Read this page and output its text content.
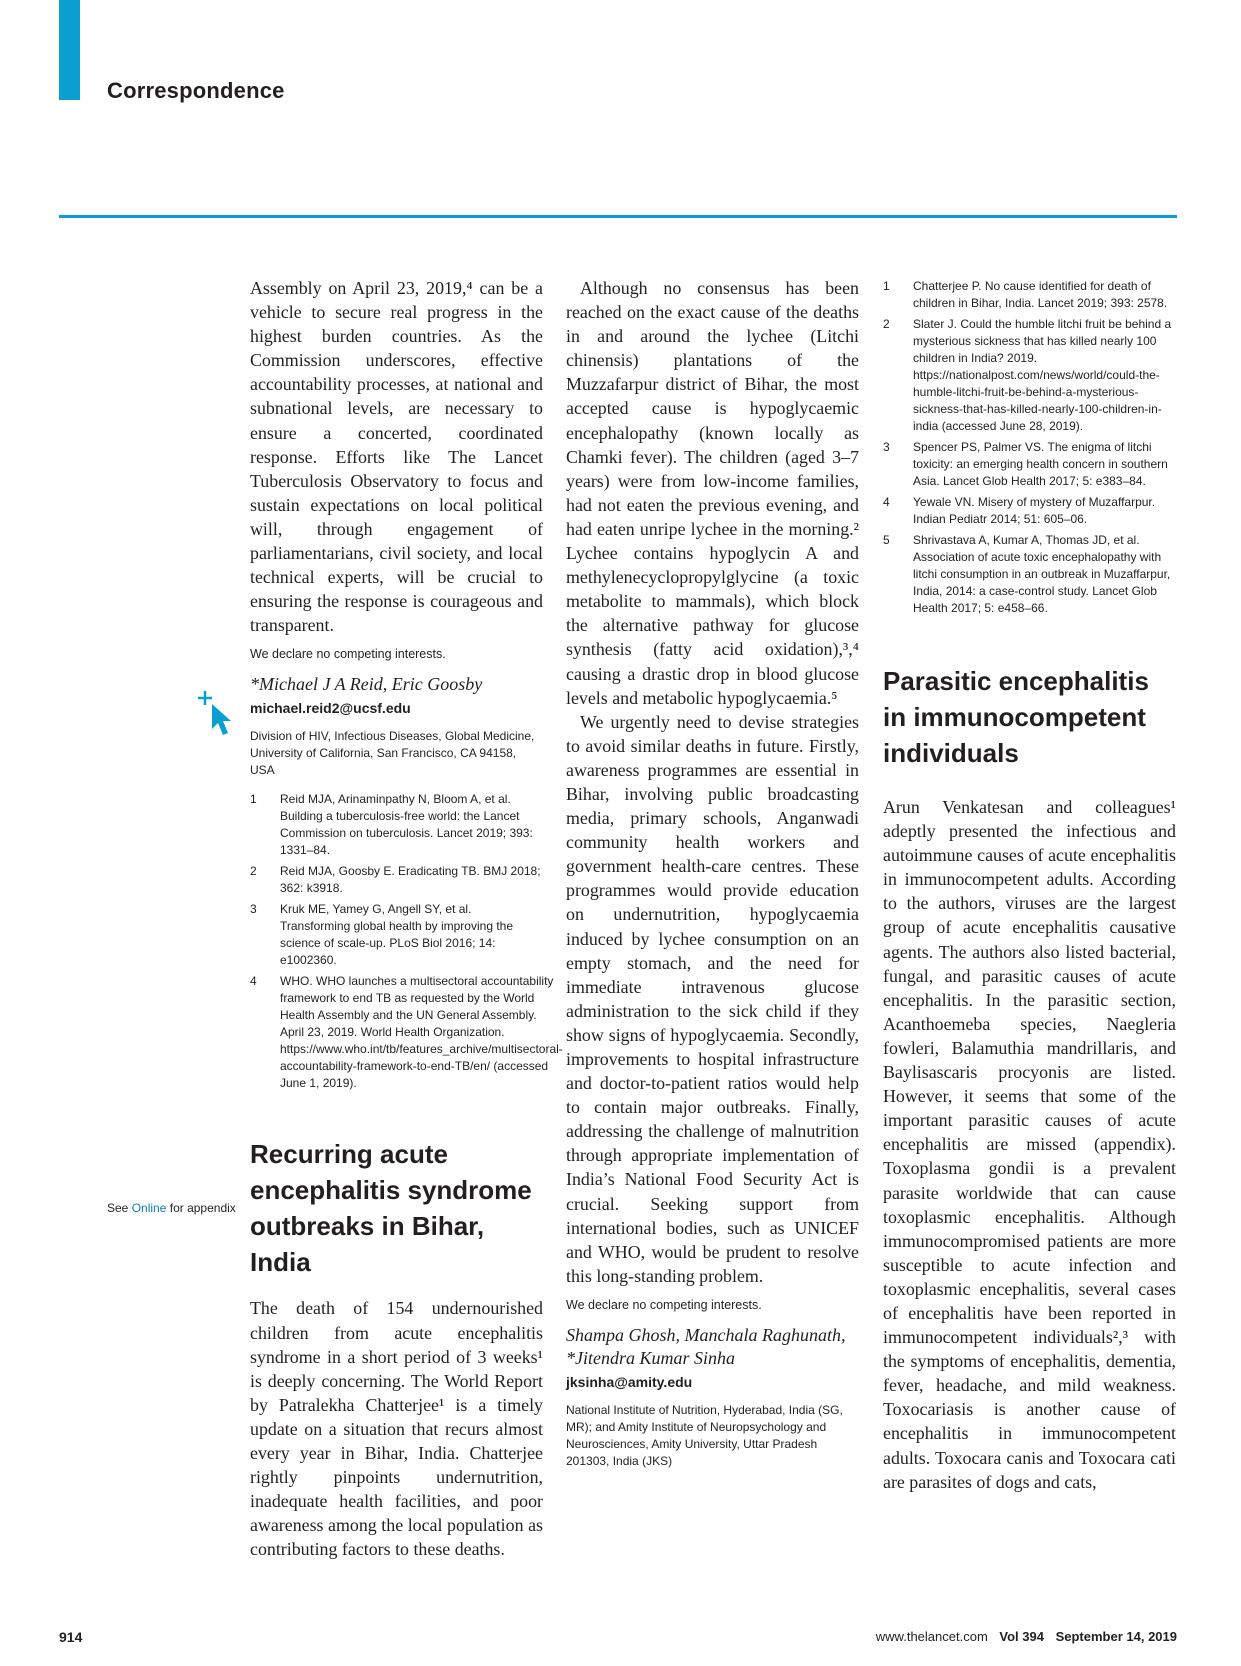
Correspondence

Assembly on April 23, 2019,⁴ can be a vehicle to secure real progress in the highest burden countries. As the Commission underscores, effective accountability processes, at national and subnational levels, are necessary to ensure a concerted, coordinated response. Efforts like The Lancet Tuberculosis Observatory to focus and sustain expectations on local political will, through engagement of parliamentarians, civil society, and local technical experts, will be crucial to ensuring the response is courageous and transparent.

We declare no competing interests.

*Michael J A Reid, Eric Goosby

michael.reid2@ucsf.edu

Division of HIV, Infectious Diseases, Global Medicine, University of California, San Francisco, CA 94158, USA

1	Reid MJA, Arinaminpathy N, Bloom A, et al. Building a tuberculosis-free world: the Lancet Commission on tuberculosis. Lancet 2019; 393: 1331–84.
2	Reid MJA, Goosby E. Eradicating TB. BMJ 2018; 362: k3918.
3	Kruk ME, Yamey G, Angell SY, et al. Transforming global health by improving the science of scale-up. PLoS Biol 2016; 14: e1002360.
4	WHO. WHO launches a multisectoral accountability framework to end TB as requested by the World Health Assembly and the UN General Assembly. April 23, 2019. World Health Organization. https://www.who.int/tb/features_archive/multisectoral-accountability-framework-to-end-TB/en/ (accessed June 1, 2019).
Recurring acute encephalitis syndrome outbreaks in Bihar, India

The death of 154 undernourished children from acute encephalitis syndrome in a short period of 3 weeks¹ is deeply concerning. The World Report by Patralekha Chatterjee¹ is a timely update on a situation that recurs almost every year in Bihar, India. Chatterjee rightly pinpoints undernutrition, inadequate health facilities, and poor awareness among the local population as contributing factors to these deaths.

See Online for appendix

Although no consensus has been reached on the exact cause of the deaths in and around the lychee (Litchi chinensis) plantations of the Muzzafarpur district of Bihar, the most accepted cause is hypoglycaemic encephalopathy (known locally as Chamki fever). The children (aged 3–7 years) were from low-income families, had not eaten the previous evening, and had eaten unripe lychee in the morning.² Lychee contains hypoglycin A and methylenecyclopropylglycine (a toxic metabolite to mammals), which block the alternative pathway for glucose synthesis (fatty acid oxidation),³,⁴ causing a drastic drop in blood glucose levels and metabolic hypoglycaemia.⁵

We urgently need to devise strategies to avoid similar deaths in future. Firstly, awareness programmes are essential in Bihar, involving public broadcasting media, primary schools, Anganwadi community health workers and government health-care centres. These programmes would provide education on undernutrition, hypoglycaemia induced by lychee consumption on an empty stomach, and the need for immediate intravenous glucose administration to the sick child if they show signs of hypoglycaemia. Secondly, improvements to hospital infrastructure and doctor-to-patient ratios would help to contain major outbreaks. Finally, addressing the challenge of malnutrition through appropriate implementation of India’s National Food Security Act is crucial. Seeking support from international bodies, such as UNICEF and WHO, would be prudent to resolve this long-standing problem.

We declare no competing interests.

Shampa Ghosh, Manchala Raghunath, *Jitendra Kumar Sinha

jksinha@amity.edu

National Institute of Nutrition, Hyderabad, India (SG, MR); and Amity Institute of Neuropsychology and Neurosciences, Amity University, Uttar Pradesh 201303, India (JKS)

1	Chatterjee P. No cause identified for death of children in Bihar, India. Lancet 2019; 393: 2578.
2	Slater J. Could the humble litchi fruit be behind a mysterious sickness that has killed nearly 100 children in India? 2019. https://nationalpost.com/news/world/could-the-humble-litchi-fruit-be-behind-a-mysterious-sickness-that-has-killed-nearly-100-children-in-india (accessed June 28, 2019).
3	Spencer PS, Palmer VS. The enigma of litchi toxicity: an emerging health concern in southern Asia. Lancet Glob Health 2017; 5: e383–84.
4	Yewale VN. Misery of mystery of Muzaffarpur. Indian Pediatr 2014; 51: 605–06.
5	Shrivastava A, Kumar A, Thomas JD, et al. Association of acute toxic encephalopathy with litchi consumption in an outbreak in Muzaffarpur, India, 2014: a case-control study. Lancet Glob Health 2017; 5: e458–66.
Parasitic encephalitis in immunocompetent individuals

Arun Venkatesan and colleagues¹ adeptly presented the infectious and autoimmune causes of acute encephalitis in immunocompetent adults. According to the authors, viruses are the largest group of acute encephalitis causative agents. The authors also listed bacterial, fungal, and parasitic causes of acute encephalitis. In the parasitic section, Acanthoemeba species, Naegleria fowleri, Balamuthia mandrillaris, and Baylisascaris procyonis are listed. However, it seems that some of the important parasitic causes of acute encephalitis are missed (appendix). Toxoplasma gondii is a prevalent parasite worldwide that can cause toxoplasmic encephalitis. Although immunocompromised patients are more susceptible to acute infection and toxoplasmic encephalitis, several cases of encephalitis have been reported in immunocompetent individuals²,³ with the symptoms of encephalitis, dementia, fever, headache, and mild weakness. Toxocariasis is another cause of encephalitis in immunocompetent adults. Toxocara canis and Toxocara cati are parasites of dogs and cats,

914	www.thelancet.com Vol 394 September 14, 2019
